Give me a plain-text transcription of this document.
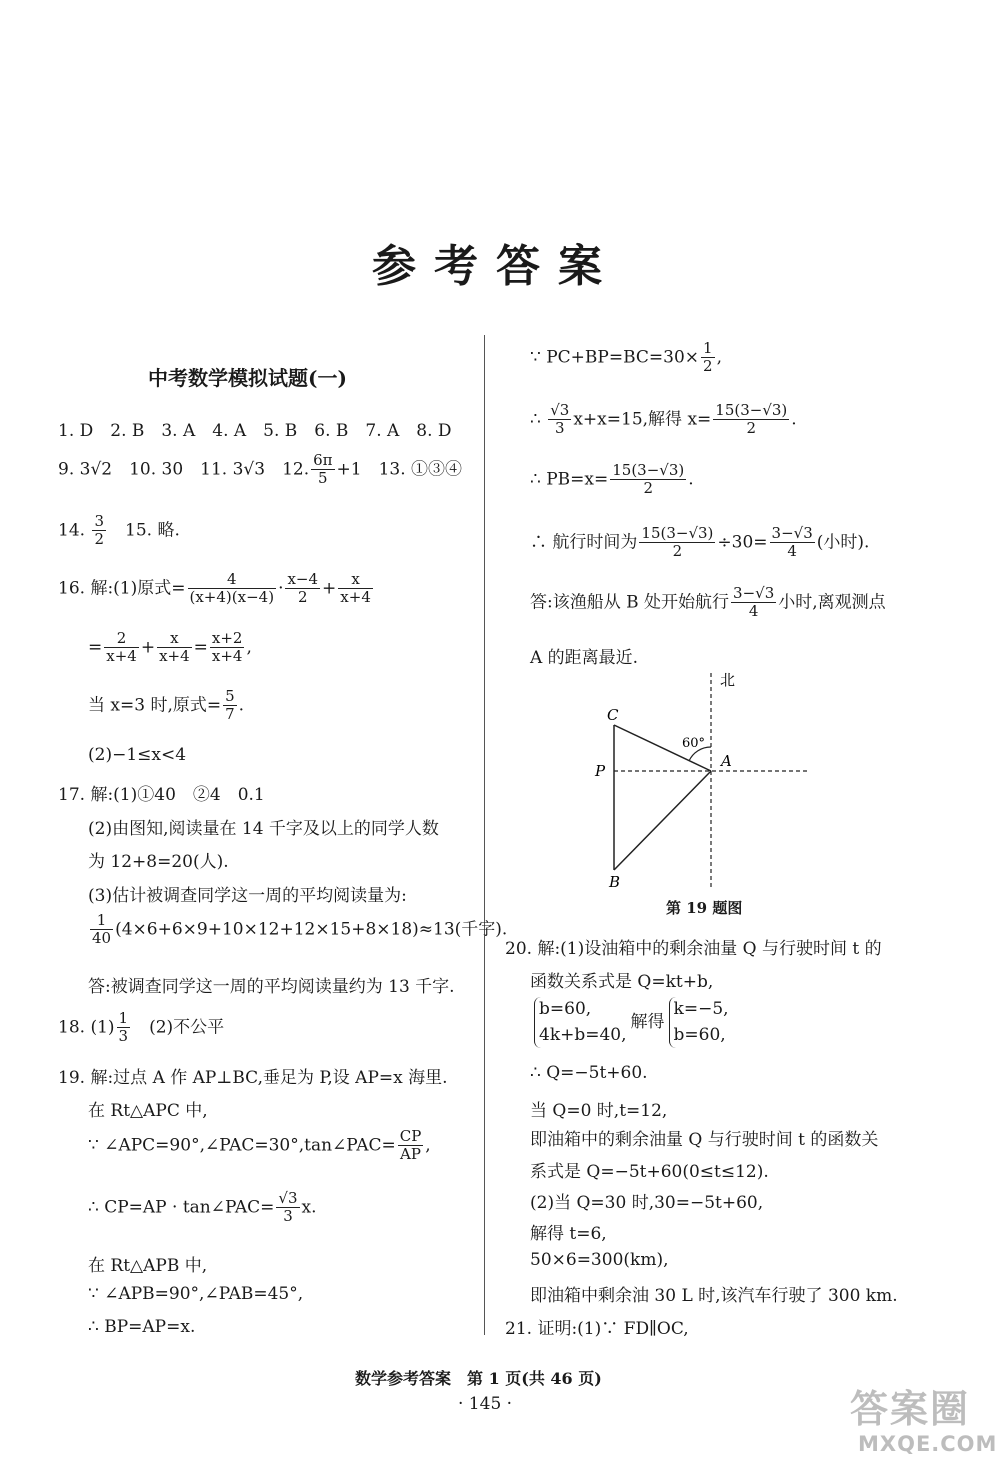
参考答案
中考数学模拟试题(一)
1. D　2. B　3. A　4. A　5. B　6. B　7. A　8. D
9. 3√2　10. 30　11. 3√3　12. $\frac{6\pi}{5} +1$　13. ①③④
14. $\frac{3}{2}$
　 15. 略.
16. 解:(1)原式= $\frac{4}{(x+4)(x-4)} \cdot \frac{x-4}{2} + \frac{x}{x+4}$
= $\frac{2}{x+4} + \frac{x}{x+4} = \frac{x+2}{x+4}$ ,
当 x=3 时,原式= $\frac{5}{7}$ .
(2)−1≤x<4
17. 解:(1)①40　②4　0.1
(2)由图知,阅读量在 14 千字及以上的同学人数
为 12+8=20(人).
(3)估计被调查同学这一周的平均阅读量为:
$\frac{1}{40} (4\times 6+6\times 9+10\times 12+12\times 15+8\times 18)\approx 13$(千字).
答:被调查同学这一周的平均阅读量约为 13 千字.
18. $(1) \frac{1}{3}$
　 (2)不公平
19. 解:过点 A 作 AP⊥BC,垂足为 P,设 AP=x 海里.
在 Rt△APC 中,
∵ ∠APC=90°,∠PAC=30°,tan∠PAC= $\frac{CP}{AP}$ ,
∴ CP=AP · tan∠PAC= $\frac{√3}{3} x$.
在 Rt△APB 中,
∵ ∠APB=90°,∠PAB=45°,
∴ BP=AP=x.
∵ $PC+BP=BC=30\times \frac{1}{2}$ ,
∴ $\frac{√3}{3} x+x=15$,解得 $x= \frac{15(3-√3)}{2}$ .
∴ $PB=x= \frac{15(3-√3)}{2}$ .
∴ 航行时间为 $\frac{15(3-√3)}{2} \div 30= \frac{3-√3}{4}$ (小时).
答:该渔船从 B 处开始航行 $\frac{3-√3}{4}$ 小时,离观测点
A 的距离最近.
北
C
P
A
B
60°
第 19 题图
20. 解:(1)设油箱中的剩余油量 Q 与行驶时间 t 的
函数关系式是 Q=kt+b,
b=60,
4k+b=40,
解得
k=−5,
b=60,
∴ Q=−5t+60.
当 Q=0 时,t=12,
即油箱中的剩余油量 Q 与行驶时间 t 的函数关
系式是 Q=−5t+60(0≤t≤12).
(2)当 Q=30 时,30=−5t+60,
解得 t=6,
50×6=300(km),
即油箱中剩余油 30 L 时,该汽车行驶了 300 km.
21. 证明:(1)∵ FD∥OC,
数学参考答案　第 1 页(共 46 页)
· 145 ·	答案圈
MXQE.COM
